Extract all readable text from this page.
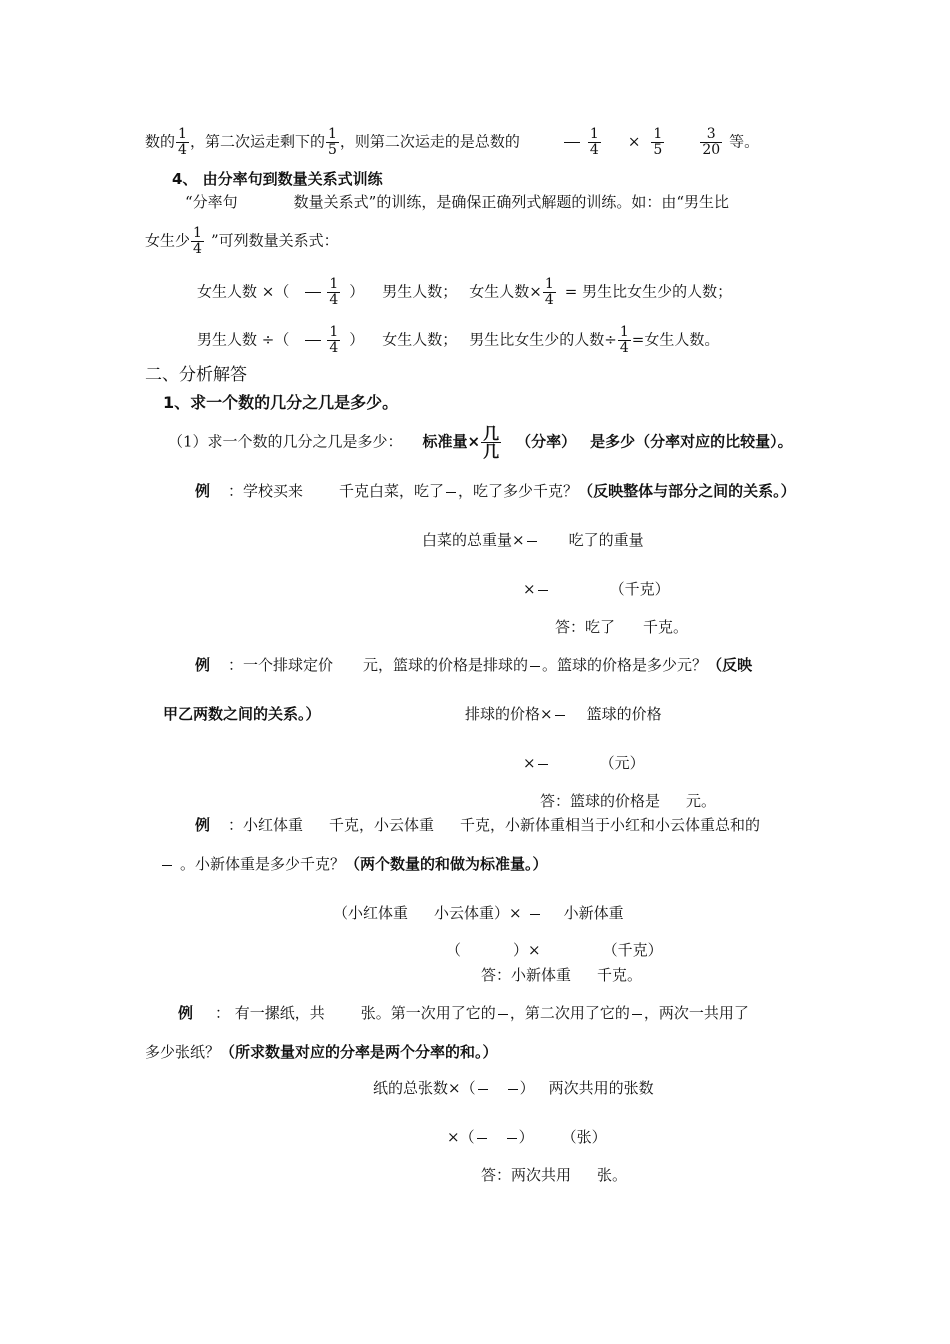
数的 $\frac{1}{4}$ ，第二次运走剩下的 $\frac{1}{5}$ ，则第二次运走的是总数的	$\frac{1}{4} \times \frac{1}{5}$	$\frac{3}{20}$ 等。
4、 由分率句到数量关系式训练
“分率句	数量关系式”的训练，是确保正确列式解题的训练。如：由“男生比
女生少 $\frac{1}{4}$ ”可列数量关系式：
女生人数 ×（	$\frac{1}{4}$ ） 男生人数； 女生人数× $\frac{1}{4}$ = 男生比女生少的人数；
男生人数 ÷（	$\frac{1}{4}$ ） 女生人数； 男生比女生少的人数÷ $\frac{1}{4}$ =女生人数。
二、分析解答
1、求一个数的几分之几是多少。
（1）求一个数的几分之几是多少： 标准量× $\frac{\text{几}}{\text{几}}$ （分率） 是多少（分率对应的比较量）。
例 ：学校买来 千克白菜，吃了 ，吃了多少千克？（反映整体与部分之间的关系。）
白菜的总重量×	吃了的重量
×	（千克）
答：吃了 千克。
例 ：一个排球定价 元，篮球的价格是排球的 。篮球的价格是多少元？（反映
甲乙两数之间的关系。）	排球的价格× 篮球的价格
×	（元）
答：篮球的价格是 元。
例 ：小红体重 千克，小云体重 千克，小新体重相当于小红和小云体重总和的
。小新体重是多少千克？（两个数量的和做为标准量。）
（小红体重 小云体重）×	小新体重
（	）×	（千克）
答：小新体重 千克。
例 ： 有一摞纸，共 张。第一次用了它的 ，第二次用了它的 ，两次一共用了
多少张纸？（所求数量对应的分率是两个分率的和。）
纸的总张数×（	） 两次共用的张数
×（	） （张）
答：两次共用 张。
